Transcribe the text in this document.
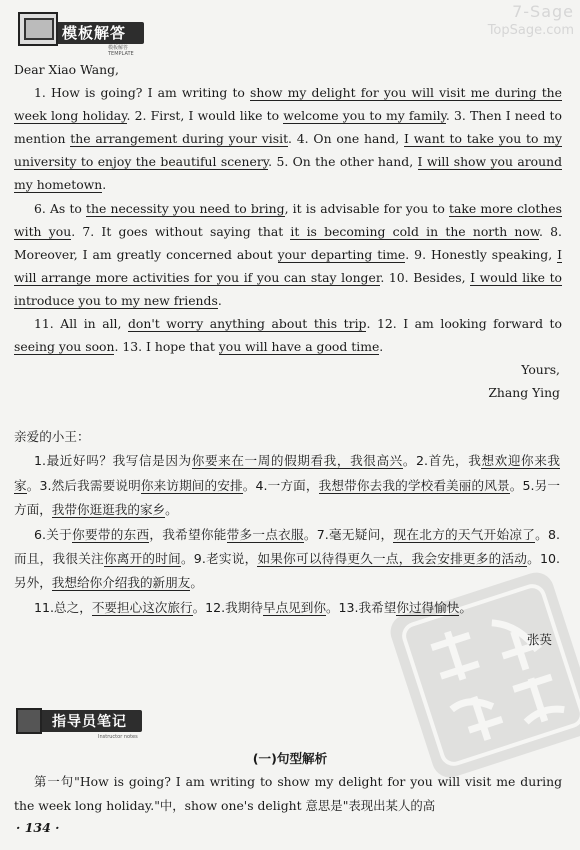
模板解答
模板解答TEMPLATE
7-Sage
TopSage.com

Dear Xiao Wang,

1. How is going? I am writing to show my delight for you will visit me during the week long holiday. 2. First, I would like to welcome you to my family. 3. Then I need to mention the arrangement during your visit. 4. On one hand, I want to take you to my university to enjoy the beautiful scenery. 5. On the other hand, I will show you around my hometown.

6. As to the necessity you need to bring, it is advisable for you to take more clothes with you. 7. It goes without saying that it is becoming cold in the north now. 8. Moreover, I am greatly concerned about your departing time. 9. Honestly speaking, I will arrange more activities for you if you can stay longer. 10. Besides, I would like to introduce you to my new friends.

11. All in all, don't worry anything about this trip. 12. I am looking forward to seeing you soon. 13. I hope that you will have a good time.

Yours,

Zhang Ying

亲爱的小王：

1.最近好吗？我写信是因为你要来在一周的假期看我，我很高兴。2.首先，我想欢迎你来我家。3.然后我需要说明你来访期间的安排。4.一方面，我想带你去我的学校看美丽的风景。5.另一方面，我带你逛逛我的家乡。

6.关于你要带的东西，我希望你能带多一点衣服。7.毫无疑问，现在北方的天气开始凉了。8.而且，我很关注你离开的时间。9.老实说，如果你可以待得更久一点，我会安排更多的活动。10.另外，我想给你介绍我的新朋友。

11.总之，不要担心这次旅行。12.我期待早点见到你。13.我希望你过得愉快。

张英

指导员笔记
Instructor notes
(一)句型解析

第一句"How is going? I am writing to show my delight for you will visit me during the week long holiday."中，show one's delight 意思是"表现出某人的高

· 134 ·
